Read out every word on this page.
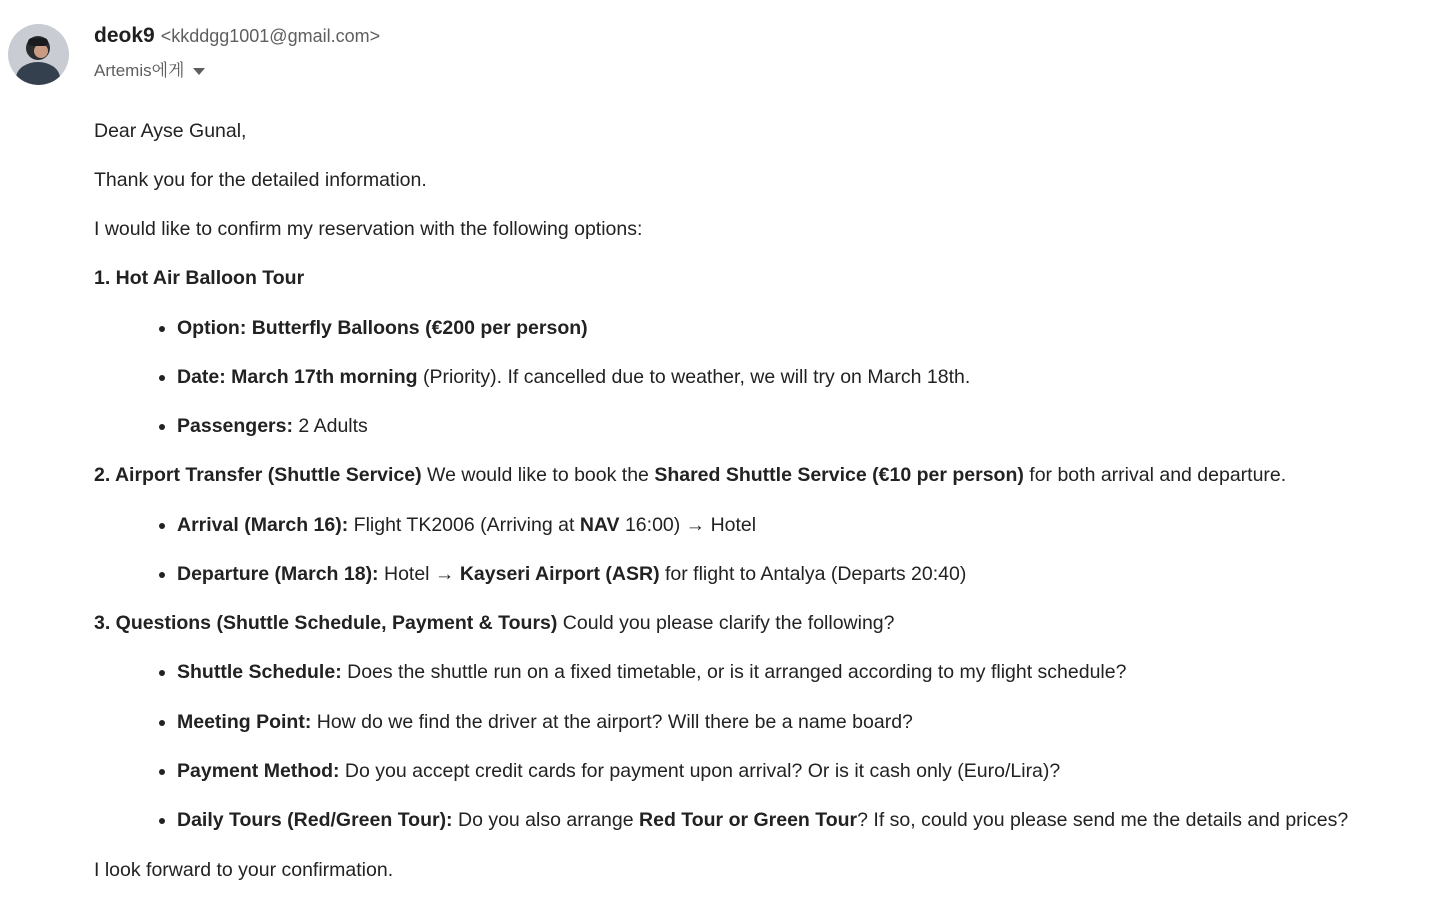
deok9 <kkddgg1001@gmail.com>
Artemis에게
Dear Ayse Gunal,
Thank you for the detailed information.
I would like to confirm my reservation with the following options:
1. Hot Air Balloon Tour
Option: Butterfly Balloons (€200 per person)
Date: March 17th morning (Priority). If cancelled due to weather, we will try on March 18th.
Passengers: 2 Adults
2. Airport Transfer (Shuttle Service) We would like to book the Shared Shuttle Service (€10 per person) for both arrival and departure.
Arrival (March 16): Flight TK2006 (Arriving at NAV 16:00) → Hotel
Departure (March 18): Hotel → Kayseri Airport (ASR) for flight to Antalya (Departs 20:40)
3. Questions (Shuttle Schedule, Payment & Tours) Could you please clarify the following?
Shuttle Schedule: Does the shuttle run on a fixed timetable, or is it arranged according to my flight schedule?
Meeting Point: How do we find the driver at the airport? Will there be a name board?
Payment Method: Do you accept credit cards for payment upon arrival? Or is it cash only (Euro/Lira)?
Daily Tours (Red/Green Tour): Do you also arrange Red Tour or Green Tour? If so, could you please send me the details and prices?
I look forward to your confirmation.
